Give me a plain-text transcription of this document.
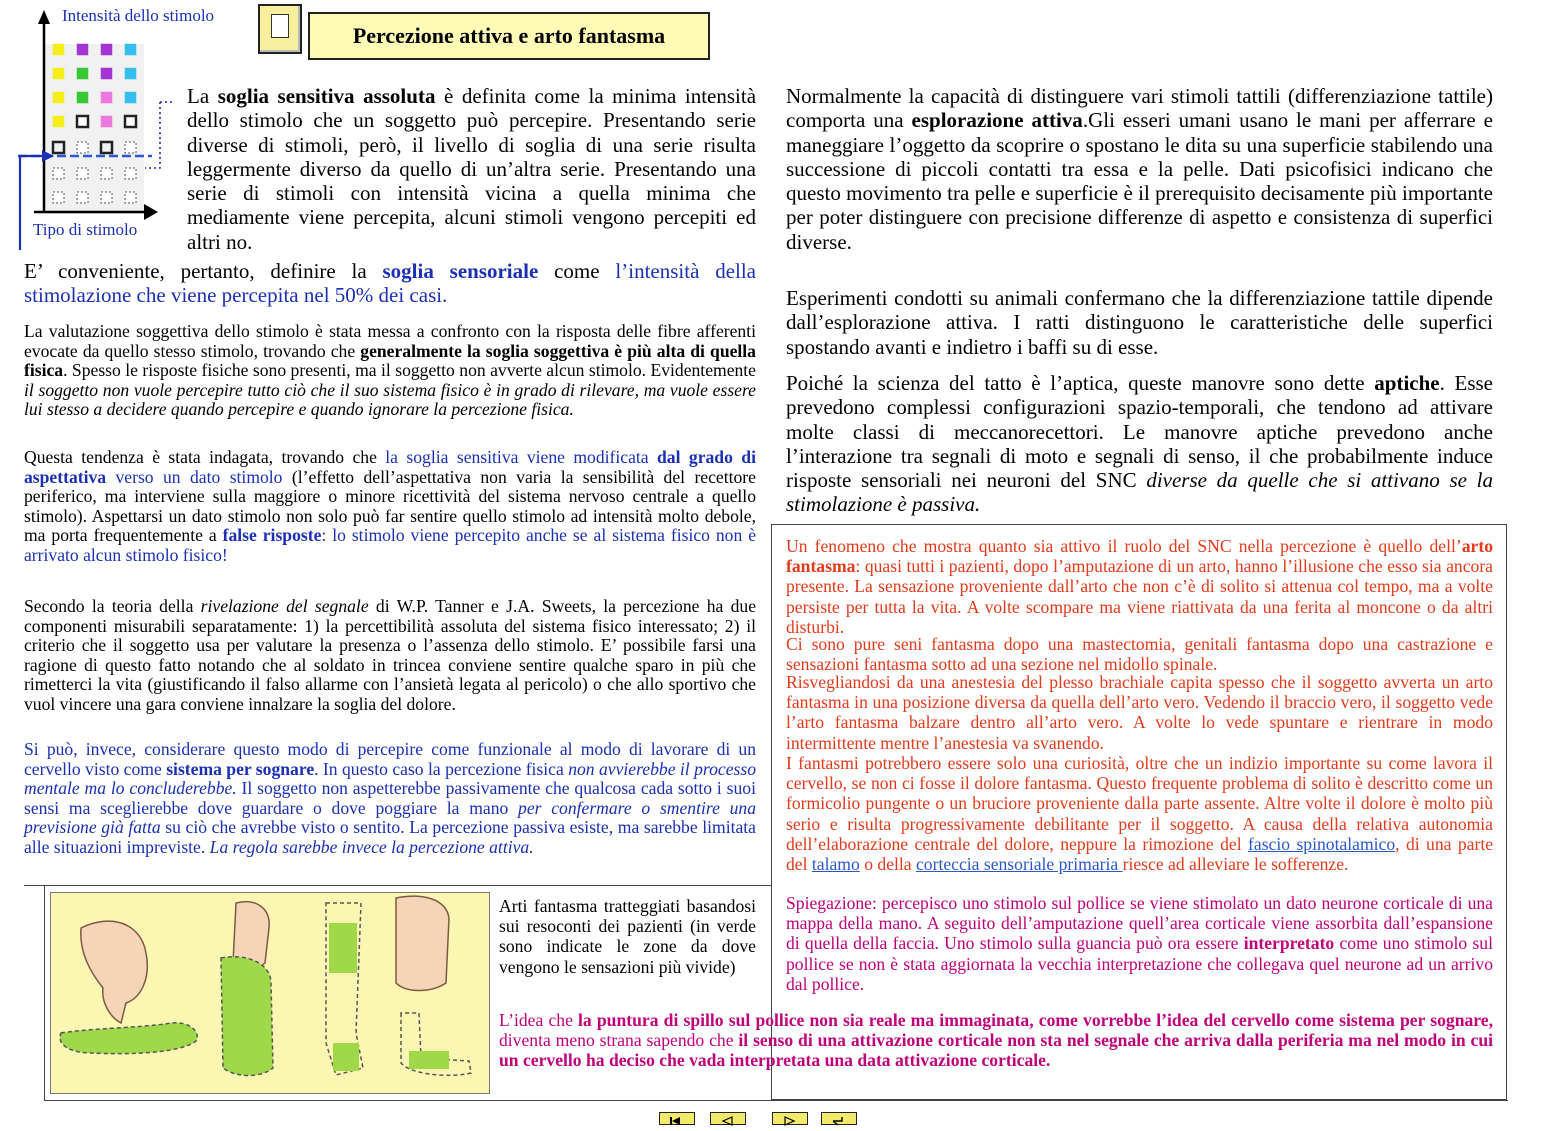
Percezione attiva e arto fantasma
Intensità dello stimolo
Tipo di stimolo
La soglia sensitiva assoluta è definita come la minima intensità dello stimolo che un soggetto può percepire. Presentando serie diverse di stimoli, però, il livello di soglia di una serie risulta leggermente diverso da quello di un’altra serie. Presentando una serie di stimoli con intensità vicina a quella minima che mediamente viene percepita, alcuni stimoli vengono percepiti ed altri no.
E’ conveniente, pertanto, definire la soglia sensoriale come l’intensità della stimolazione che viene percepita nel 50% dei casi.
La valutazione soggettiva dello stimolo è stata messa a confronto con la risposta delle fibre afferenti evocate da quello stesso stimolo, trovando che generalmente la soglia soggettiva è più alta di quella fisica. Spesso le risposte fisiche sono presenti, ma il soggetto non avverte alcun stimolo. Evidentemente il soggetto non vuole percepire tutto ciò che il suo sistema fisico è in grado di rilevare, ma vuole essere lui stesso a decidere quando percepire e quando ignorare la percezione fisica.
Questa tendenza è stata indagata, trovando che la soglia sensitiva viene modificata dal grado di aspettativa verso un dato stimolo (l’effetto dell’aspettativa non varia la sensibilità del recettore periferico, ma interviene sulla maggiore o minore ricettività del sistema nervoso centrale a quello stimolo). Aspettarsi un dato stimolo non solo può far sentire quello stimolo ad intensità molto debole, ma porta frequentemente a false risposte: lo stimolo viene percepito anche se al sistema fisico non è arrivato alcun stimolo fisico!
Secondo la teoria della rivelazione del segnale di W.P. Tanner e J.A. Sweets, la percezione ha due componenti misurabili separatamente: 1) la percettibilità assoluta del sistema fisico interessato; 2) il criterio che il soggetto usa per valutare la presenza o l’assenza dello stimolo. E’ possibile farsi una ragione di questo fatto notando che al soldato in trincea conviene sentire qualche sparo in più che rimetterci la vita (giustificando il falso allarme con l’ansietà legata al pericolo) o che allo sportivo che vuol vincere una gara conviene innalzare la soglia del dolore.
Si può, invece, considerare questo modo di percepire come funzionale al modo di lavorare di un cervello visto come sistema per sognare. In questo caso la percezione fisica non avvierebbe il processo mentale ma lo concluderebbe. Il soggetto non aspetterebbe passivamente che qualcosa cada sotto i suoi sensi ma sceglierebbe dove guardare o dove poggiare la mano per confermare o smentire una previsione già fatta su ciò che avrebbe visto o sentito. La percezione passiva esiste, ma sarebbe limitata alle situazioni impreviste. La regola sarebbe invece la percezione attiva.
Normalmente la capacità di distinguere vari stimoli tattili (differenziazione tattile) comporta una esplorazione attiva.Gli esseri umani usano le mani per afferrare e maneggiare l’oggetto da scoprire o spostano le dita su una superficie stabilendo una successione di piccoli contatti tra essa e la pelle. Dati psicofisici indicano che questo movimento tra pelle e superficie è il prerequisito decisamente più importante per poter distinguere con precisione differenze di aspetto e consistenza di superfici diverse.
Esperimenti condotti su animali confermano che la differenziazione tattile dipende dall’esplorazione attiva. I ratti distinguono le caratteristiche delle superfici spostando avanti e indietro i baffi su di esse.
Poiché la scienza del tatto è l’aptica, queste manovre sono dette aptiche. Esse prevedono complessi configurazioni spazio-temporali, che tendono ad attivare molte classi di meccanorecettori. Le manovre aptiche prevedono anche l’interazione tra segnali di moto e segnali di senso, il che probabilmente induce risposte sensoriali nei neuroni del SNC diverse da quelle che si attivano se la stimolazione è passiva.
Un fenomeno che mostra quanto sia attivo il ruolo del SNC nella percezione è quello dell’arto fantasma: quasi tutti i pazienti, dopo l’amputazione di un arto, hanno l’illusione che esso sia ancora presente. La sensazione proveniente dall’arto che non c’è di solito si attenua col tempo, ma a volte persiste per tutta la vita. A volte scompare ma viene riattivata da una ferita al moncone o da altri disturbi.
Ci sono pure seni fantasma dopo una mastectomia, genitali fantasma dopo una castrazione e sensazioni fantasma sotto ad una sezione nel midollo spinale.
Risvegliandosi da una anestesia del plesso brachiale capita spesso che il soggetto avverta un arto fantasma in una posizione diversa da quella dell’arto vero. Vedendo il braccio vero, il soggetto vede l’arto fantasma balzare dentro all’arto vero. A volte lo vede spuntare e rientrare in modo intermittente mentre l’anestesia va svanendo.
I fantasmi potrebbero essere solo una curiosità, oltre che un indizio importante su come lavora il cervello, se non ci fosse il dolore fantasma. Questo frequente problema di solito è descritto come un formicolio pungente o un bruciore proveniente dalla parte assente. Altre volte il dolore è molto più serio e risulta progressivamente debilitante per il soggetto. A causa della relativa autonomia dell’elaborazione centrale del dolore, neppure la rimozione del fascio spinotalamico, di una parte del talamo o della corteccia sensoriale primaria riesce ad alleviare le sofferenze.
Spiegazione: percepisco uno stimolo sul pollice se viene stimolato un dato neurone corticale di una mappa della mano. A seguito dell’amputazione quell’area corticale viene assorbita dall’espansione di quella della faccia. Uno stimolo sulla guancia può ora essere interpretato come uno stimolo sul pollice se non è stata aggiornata la vecchia interpretazione che collegava quel neurone ad un arrivo dal pollice.
L’idea che la puntura di spillo sul pollice non sia reale ma immaginata, come vorrebbe l’idea del cervello come sistema per sognare, diventa meno strana sapendo che il senso di una attivazione corticale non sta nel segnale che arriva dalla periferia ma nel modo in cui un cervello ha deciso che vada interpretata una data attivazione corticale.
Arti fantasma tratteggiati basandosi sui resoconti dei pazienti (in verde sono indicate le zone da dove vengono le sensazioni più vivide)
